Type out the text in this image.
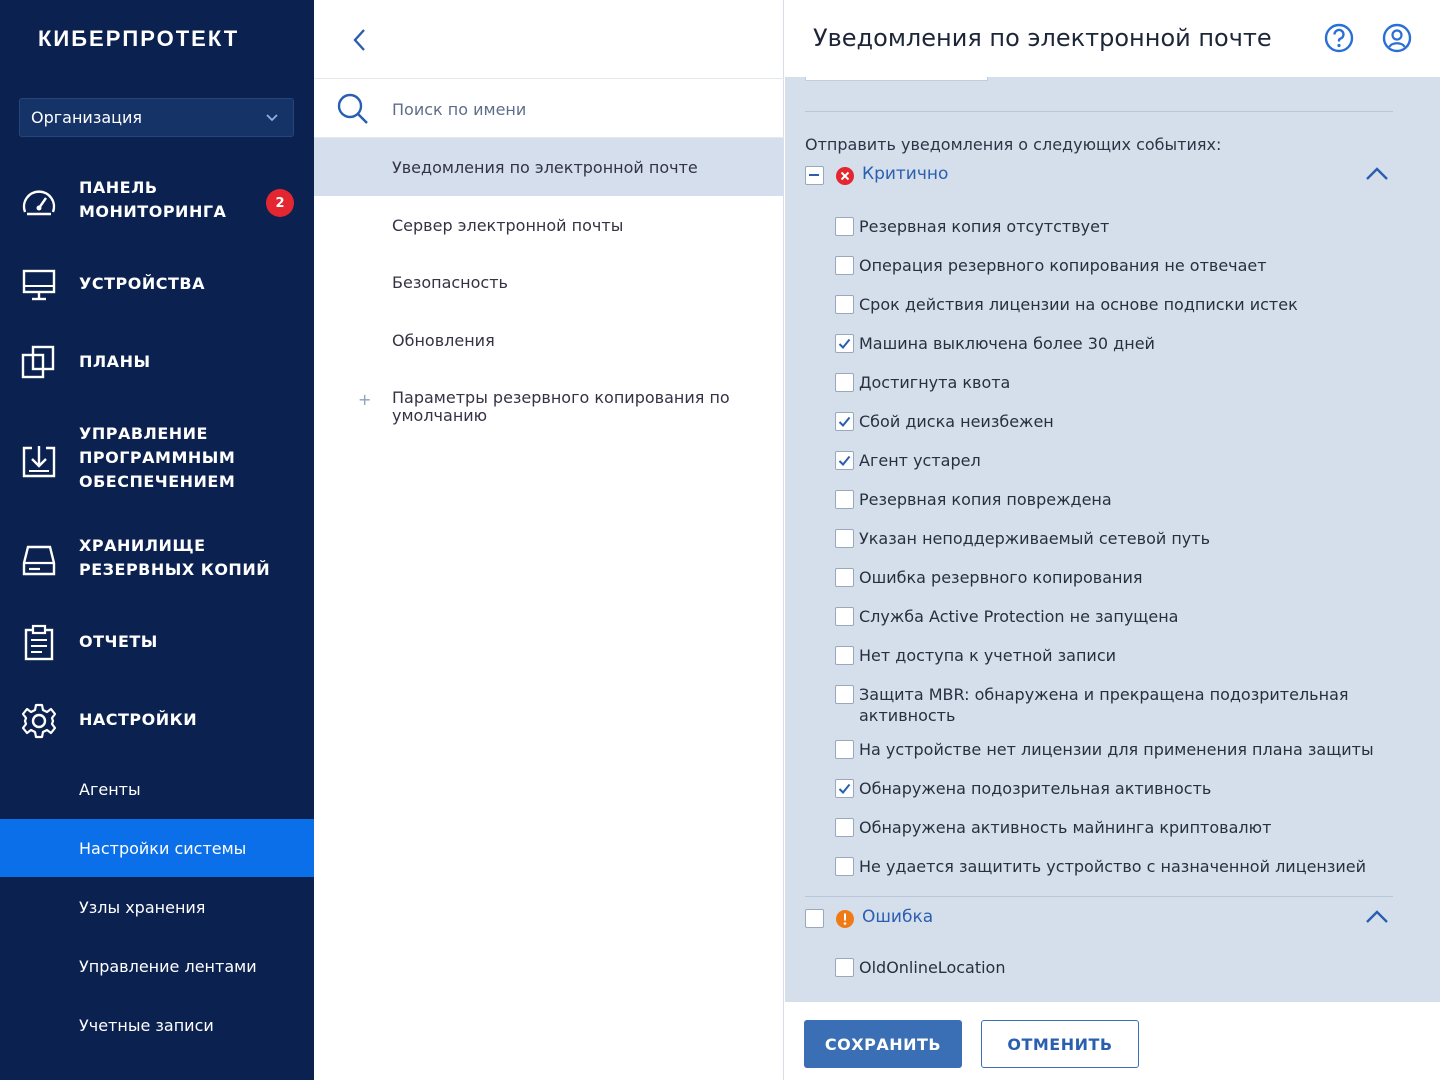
КИБЕРПРОТЕКТ
Организация
ПАНЕЛЬ
МОНИТОРИНГА	2
УСТРОЙСТВА
ПЛАНЫ
УПРАВЛЕНИЕ
ПРОГРАММНЫМ
ОБЕСПЕЧЕНИЕМ
ХРАНИЛИЩЕ
РЕЗЕРВНЫХ КОПИЙ
ОТЧЕТЫ
НАСТРОЙКИ
Агенты
Настройки системы
Узлы хранения
Управление лентами
Учетные записи
Поиск по имени
Уведомления по электронной почте
Сервер электронной почты
Безопасность
Обновления
+ Параметры резервного копирования по умолчанию
Уведомления по электронной почте
Отправить уведомления о следующих событиях:
Критично
Резервная копия отсутствует
Операция резервного копирования не отвечает
Срок действия лицензии на основе подписки истек
Машина выключена более 30 дней
Достигнута квота
Сбой диска неизбежен
Агент устарел
Резервная копия повреждена
Указан неподдерживаемый сетевой путь
Ошибка резервного копирования
Служба Active Protection не запущена
Нет доступа к учетной записи
Защита MBR: обнаружена и прекращена подозрительная активность
На устройстве нет лицензии для применения плана защиты
Обнаружена подозрительная активность
Обнаружена активность майнинга криптовалют
Не удается защитить устройство с назначенной лицензией
Ошибка
OldOnlineLocation
СОХРАНИТЬ	ОТМЕНИТЬ
